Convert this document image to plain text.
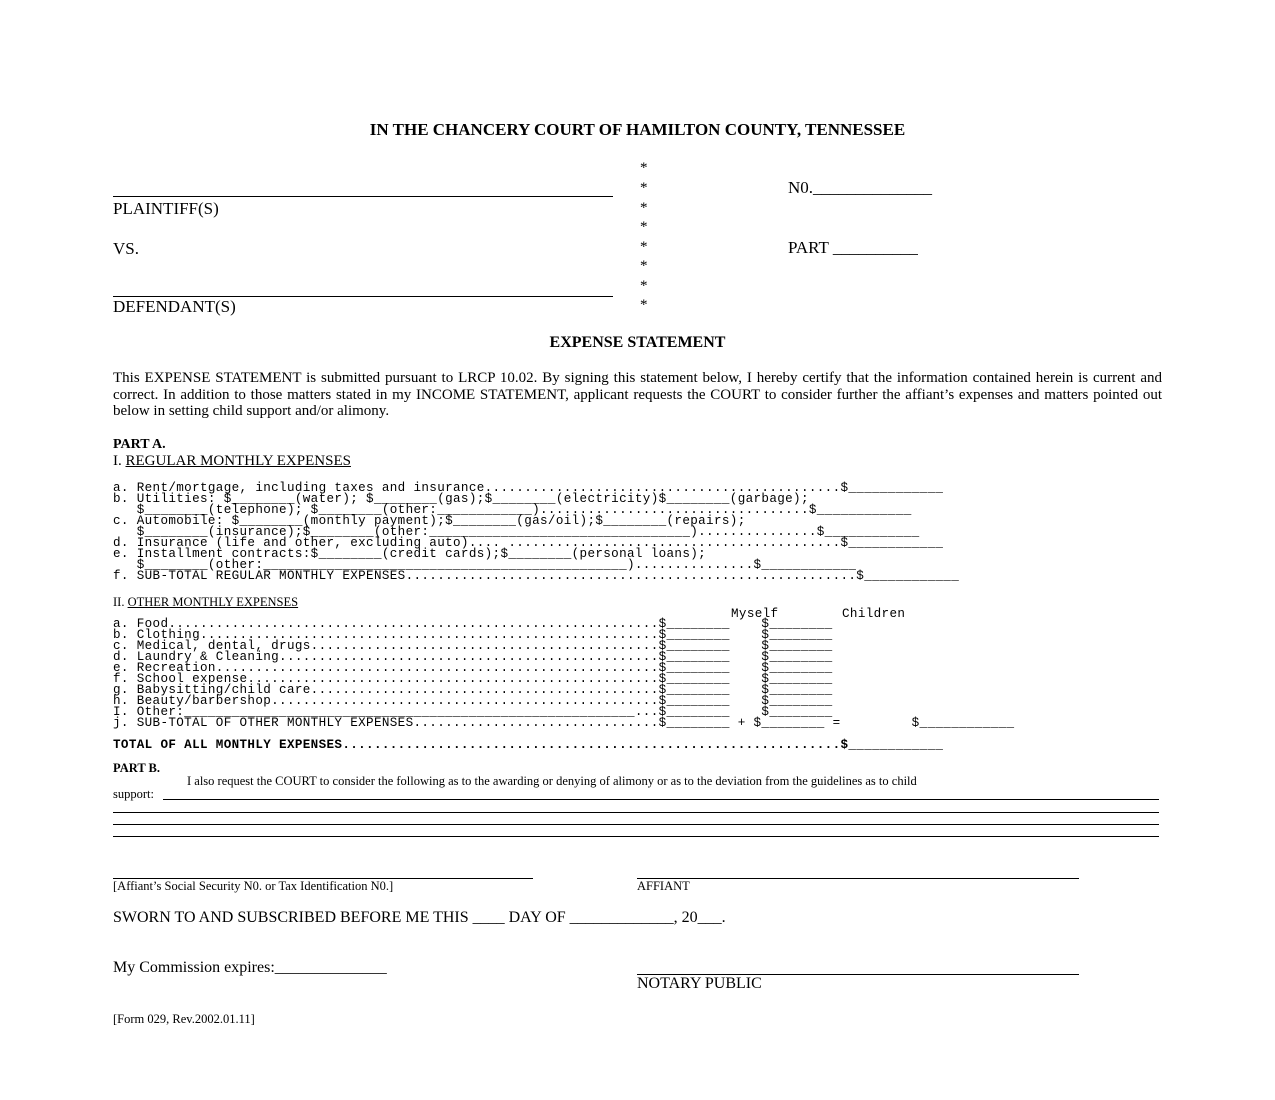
IN THE CHANCERY COURT OF HAMILTON COUNTY, TENNESSEE
*
*
*
*
*
*
*
*
PLAINTIFF(S)
VS.
DEFENDANT(S)
N0.______________
PART __________
EXPENSE STATEMENT

This EXPENSE STATEMENT is submitted pursuant to LRCP 10.02. By signing this statement below, I hereby certify that the information contained herein is current and correct. In addition to those matters stated in my INCOME STATEMENT, applicant requests the COURT to consider further the affiant’s expenses and matters pointed out below in setting child support and/or alimony.

PART A.
I. REGULAR MONTHLY EXPENSES
a. Rent/mortgage, including taxes and insurance.............................................$____________
b. Utilities: $________(water); $________(gas);$________(electricity)$________(garbage);
$________(telephone); $________(other:____________)..................................$____________
c. Automobile: $________(monthly payment);$________(gas/oil);$________(repairs);
$________(insurance);$________(other:_________________________________)...............$____________
d. Insurance (life and other, excluding auto).... ..........................................$____________
e. Installment contracts:$________(credit cards);$________(personal loans);
$________(other:______________________________________________)...............$____________
f. SUB-TOTAL REGULAR MONTHLY EXPENSES.........................................................$____________
II. OTHER MONTHLY EXPENSES
Myself	Children
a. Food..............................................................$________    $________
b. Clothing..........................................................$________    $________
c. Medical, dental, drugs............................................$________    $________
d. Laundry & Cleaning................................................$________    $________
e. Recreation........................................................$________    $________
f. School expense....................................................$________    $________
g. Babysitting/child care............................................$________    $________
h. Beauty/barbershop.................................................$________    $________
I. Other:_________________________________________________________...$________    $________
j. SUB-TOTAL OF OTHER MONTHLY EXPENSES...............................$________ + $________ =         $____________
TOTAL OF ALL MONTHLY EXPENSES...............................................................$____________
PART B.
I also request the COURT to consider the following as to the awarding or denying of alimony or as to the deviation from the guidelines as to child
support:
[Affiant’s Social Security N0. or Tax Identification N0.]	AFFIANT
SWORN TO AND SUBSCRIBED BEFORE ME THIS ____ DAY OF _____________, 20___.
My Commission expires:______________
NOTARY PUBLIC
[Form 029, Rev.2002.01.11]
